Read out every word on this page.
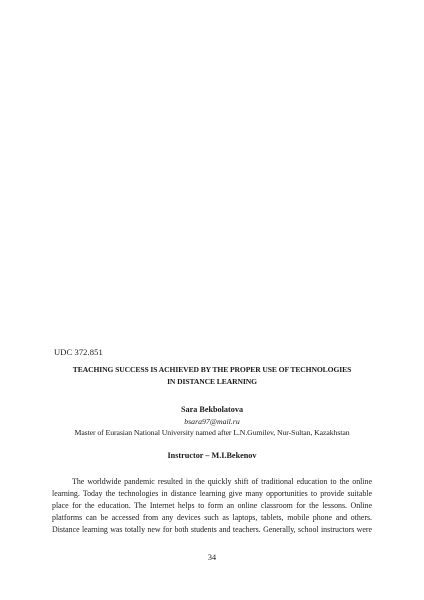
UDC 372.851
TEACHING SUCCESS IS ACHIEVED BY THE PROPER USE OF TECHNOLOGIES
IN DISTANCE LEARNING
Sara Bekbolatova
bsara97@mail.ru
Master of Eurasian National University named after L.N.Gumilev, Nur-Sultan, Kazakhstan
Instructor – M.I.Bekenov
The worldwide pandemic resulted in the quickly shift of traditional education to the online
learning. Today the technologies in distance learning give many opportunities to provide suitable
place for the education. The Internet helps to form an online classroom for the lessons. Online
platforms can be accessed from any devices such as laptops, tablets, mobile phone and others.
Distance learning was totally new for both students and teachers. Generally, school instructors were
34
